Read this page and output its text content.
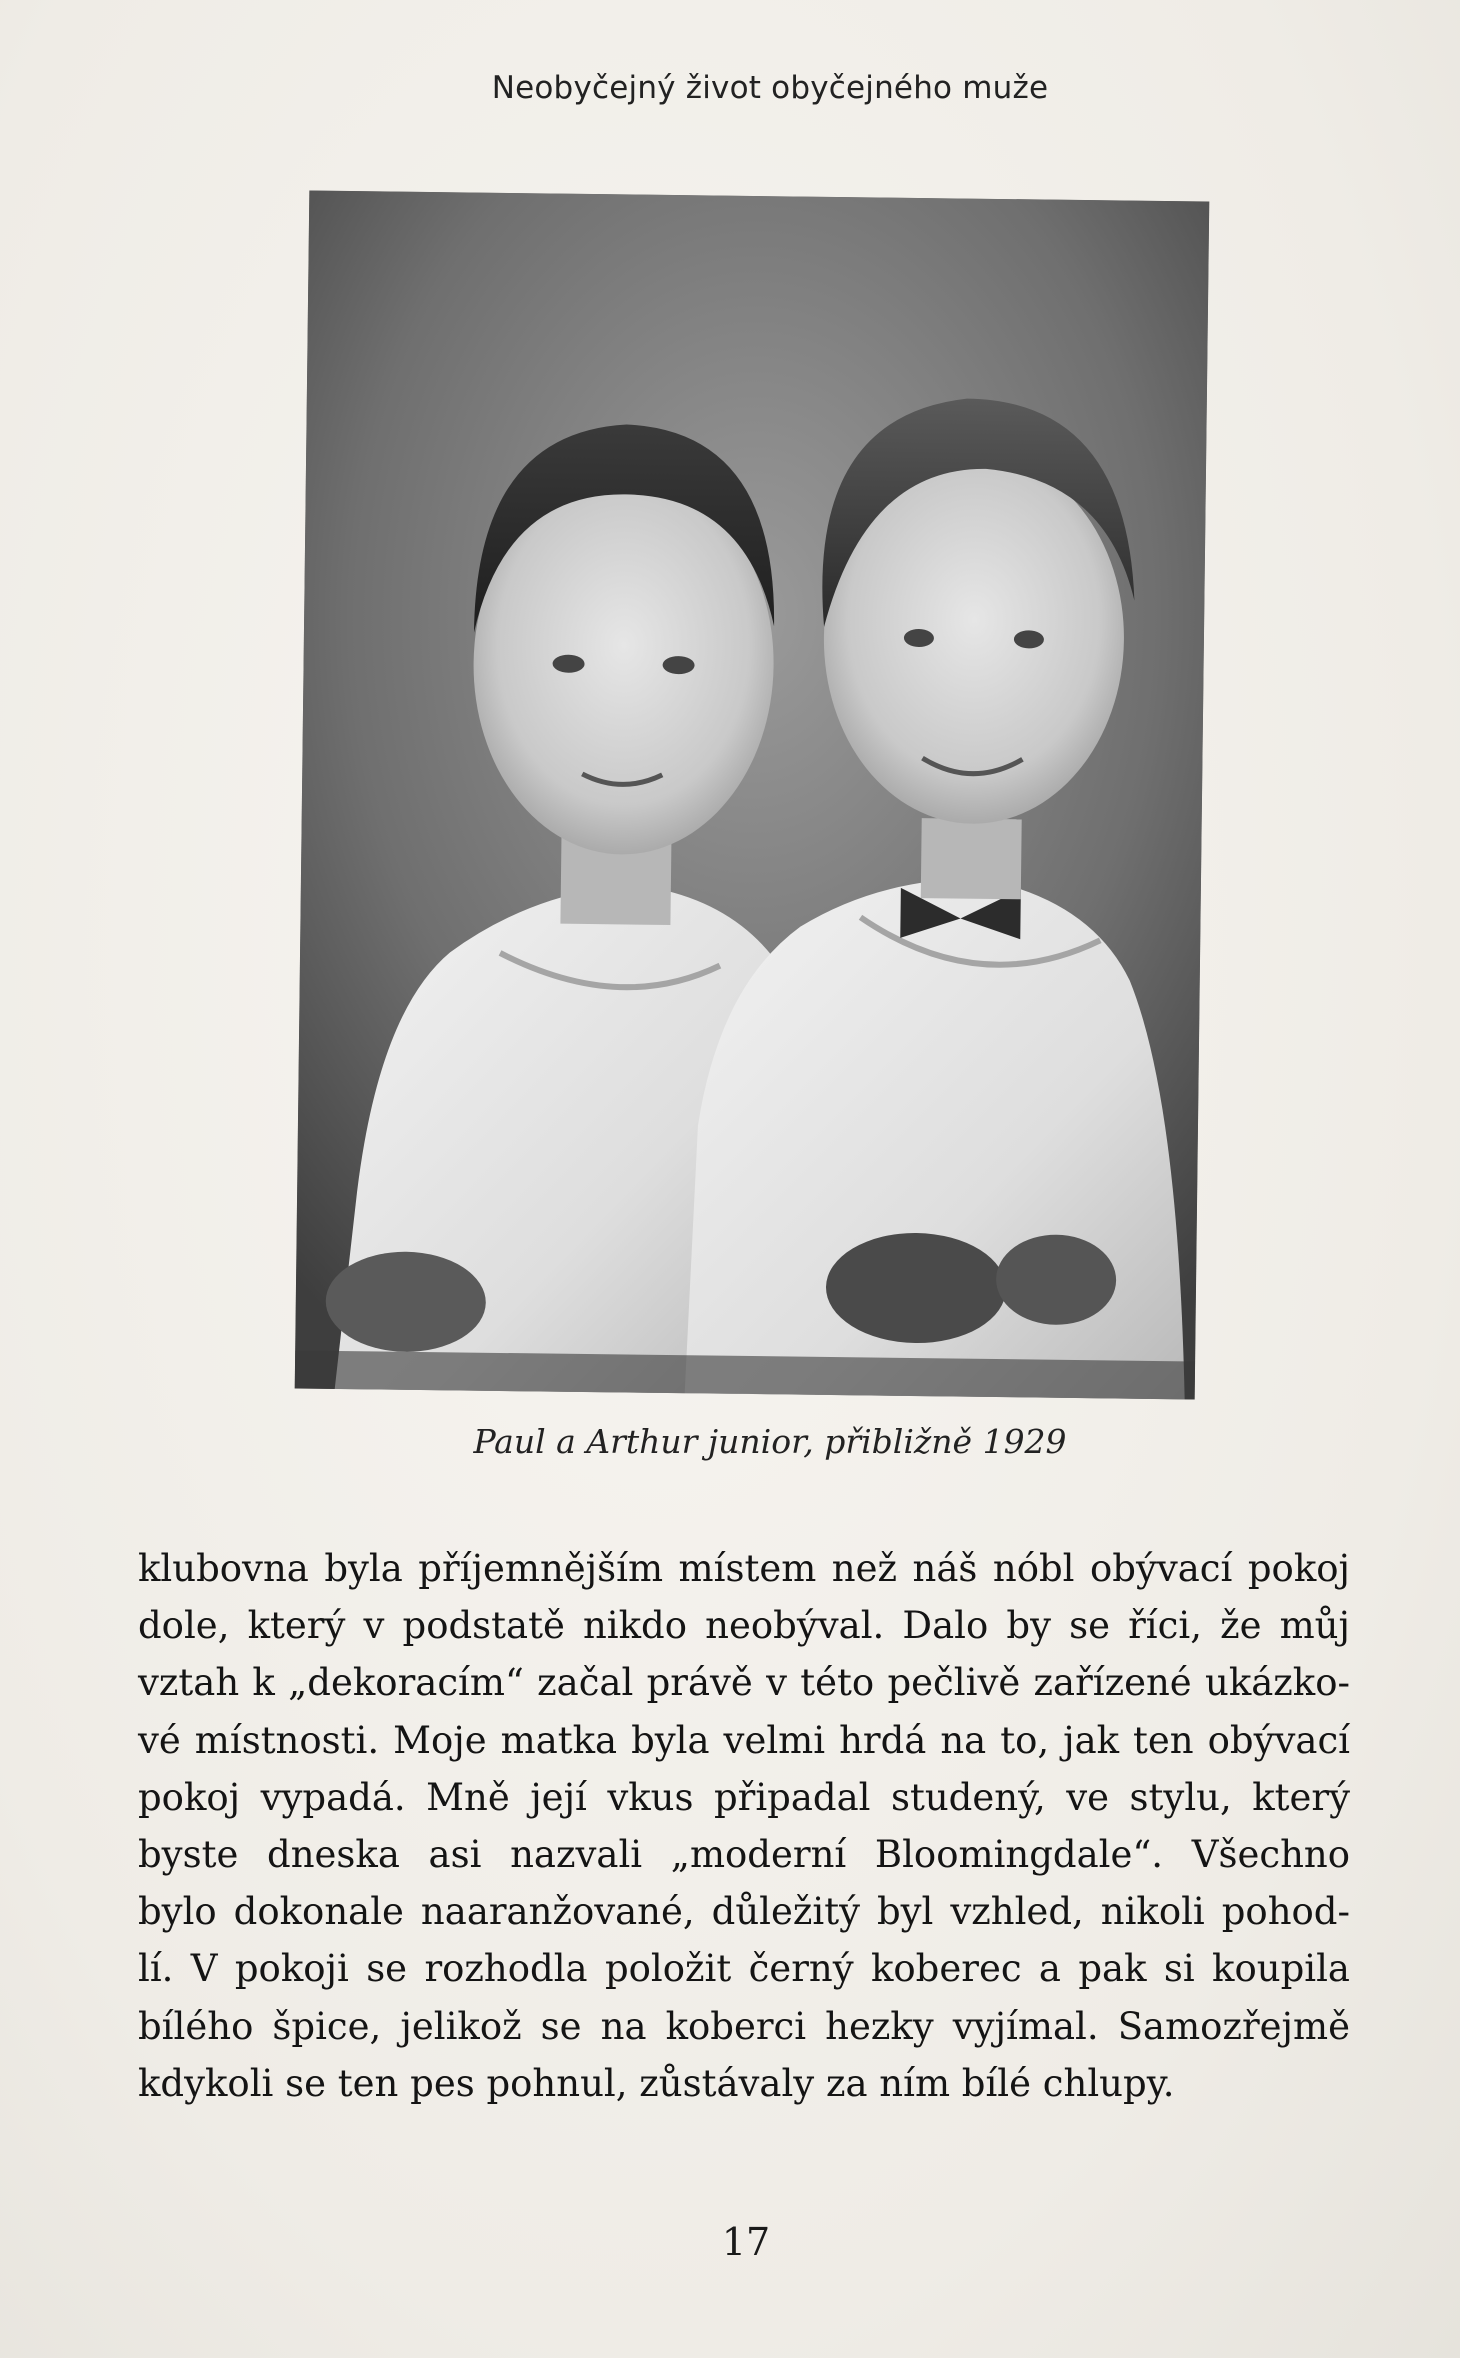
Neobyčejný život obyčejného muže
Paul a Arthur junior, přibližně 1929
klubovna byla příjemnějším místem než náš nóbl obývací pokoj
dole, který v podstatě nikdo neobýval. Dalo by se říci, že můj
vztah k „dekoracím“ začal právě v této pečlivě zařízené ukázko-
vé místnosti. Moje matka byla velmi hrdá na to, jak ten obývací
pokoj vypadá. Mně její vkus připadal studený, ve stylu, který
byste dneska asi nazvali „moderní Bloomingdale“. Všechno
bylo dokonale naaranžované, důležitý byl vzhled, nikoli pohod-
lí. V pokoji se rozhodla položit černý koberec a pak si koupila
bílého špice, jelikož se na koberci hezky vyjímal. Samozřejmě
kdykoli se ten pes pohnul, zůstávaly za ním bílé chlupy.
17
